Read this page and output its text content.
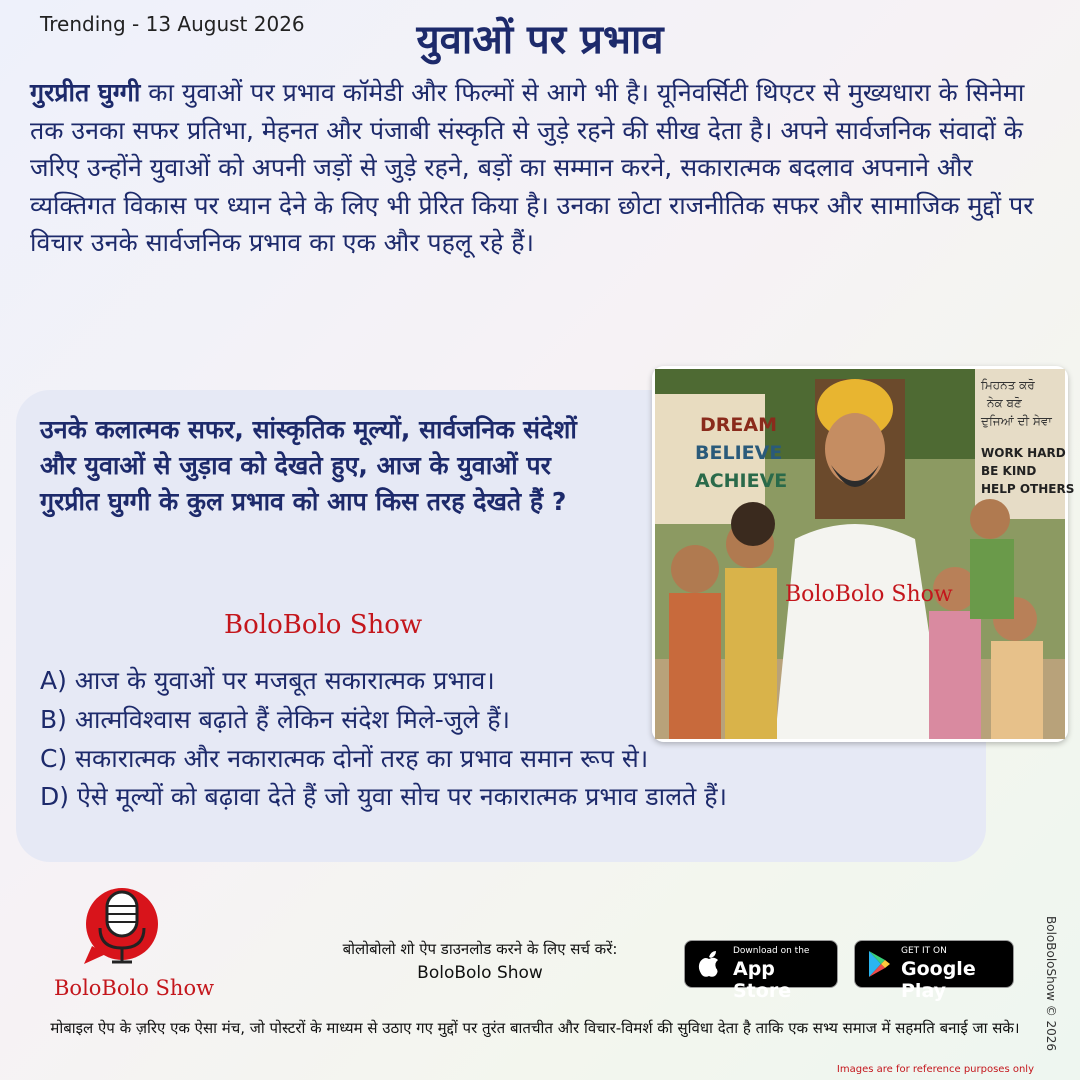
Trending - 13 August 2026	युवाओं पर प्रभाव
गुरप्रीत घुग्गी का युवाओं पर प्रभाव कॉमेडी और फिल्मों से आगे भी है। यूनिवर्सिटी थिएटर से मुख्यधारा के सिनेमा तक उनका सफर प्रतिभा, मेहनत और पंजाबी संस्कृति से जुड़े रहने की सीख देता है। अपने सार्वजनिक संवादों के जरिए उन्होंने युवाओं को अपनी जड़ों से जुड़े रहने, बड़ों का सम्मान करने, सकारात्मक बदलाव अपनाने और व्यक्तिगत विकास पर ध्यान देने के लिए भी प्रेरित किया है। उनका छोटा राजनीतिक सफर और सामाजिक मुद्दों पर विचार उनके सार्वजनिक प्रभाव का एक और पहलू रहे हैं।
उनके कलात्मक सफर, सांस्कृतिक मूल्यों, सार्वजनिक संदेशों और युवाओं से जुड़ाव को देखते हुए, आज के युवाओं पर गुरप्रीत घुग्गी के कुल प्रभाव को आप किस तरह देखते हैं ?
BoloBolo Show
A) आज के युवाओं पर मजबूत सकारात्मक प्रभाव।
B) आत्मविश्वास बढ़ाते हैं लेकिन संदेश मिले-जुले हैं।
C) सकारात्मक और नकारात्मक दोनों तरह का प्रभाव समान रूप से।
D) ऐसे मूल्यों को बढ़ावा देते हैं जो युवा सोच पर नकारात्मक प्रभाव डालते हैं।
DREAM
BELIEVE
ACHIEVE
ਮਿਹਨਤ ਕਰੋ
ਨੇਕ ਬਣੋ
ਦੁਜਿਆਂ ਦੀ ਸੇਵਾ
WORK HARD
BE KIND
HELP OTHERS
BoloBolo Show
BoloBolo Show
बोलोबोलो शो ऐप डाउनलोड करने के लिए सर्च करें:
BoloBolo Show
Download on the
App Store
GET IT ON
Google Play
मोबाइल ऐप के ज़रिए एक ऐसा मंच, जो पोस्टरों के माध्यम से उठाए गए मुद्दों पर तुरंत बातचीत और विचार-विमर्श की सुविधा देता है ताकि एक सभ्य समाज में सहमति बनाई जा सके।
Images are for reference purposes only
BoloBoloShow © 2026
